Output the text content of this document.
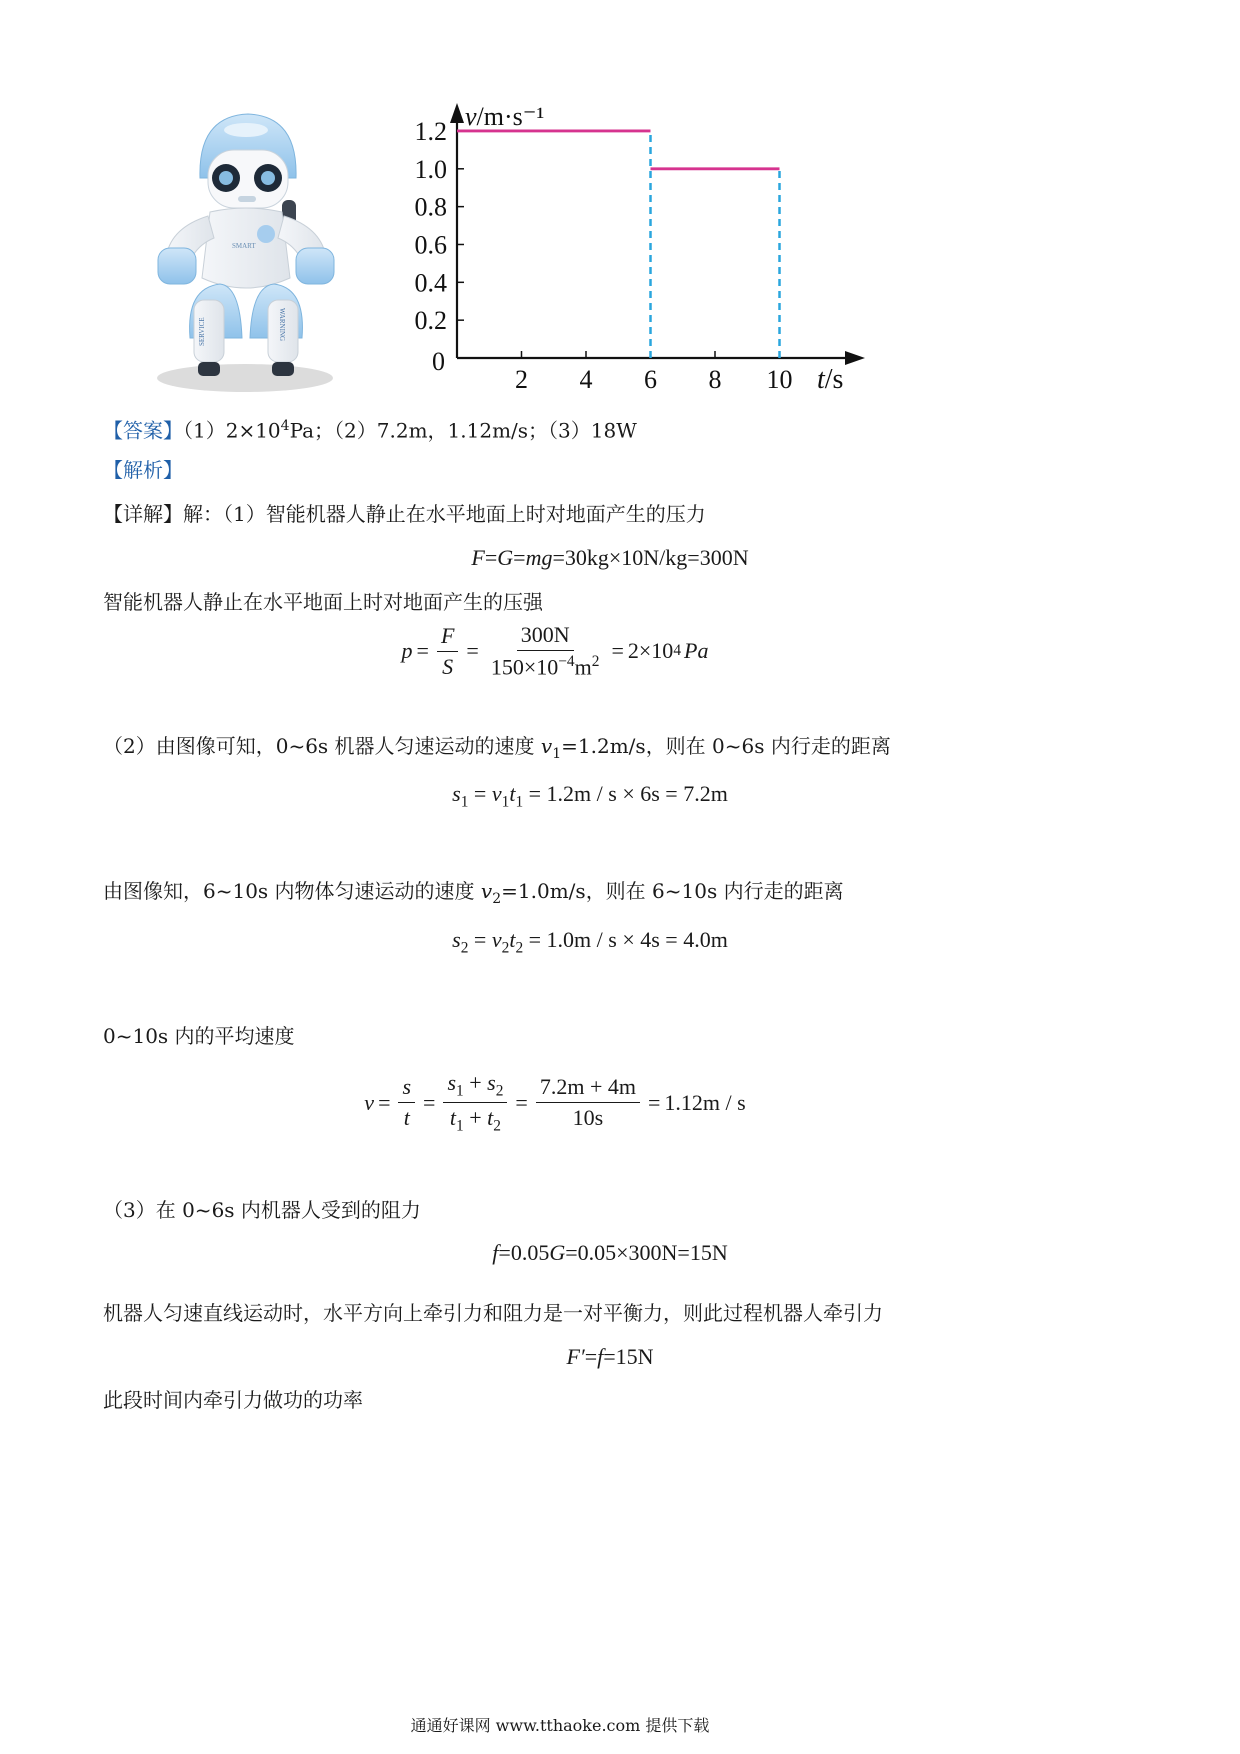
SMART
SERVICE	WARNING
2 4 6 8 10
0.2
0.4
0.6
0.8
1.0
1.2
0
v/m·s⁻¹
t/s
【答案】$(1)2\times 10^4Pa$；（2）7.2m，1.12m/s；（3）18W
【解析】
【详解】解：（1）智能机器人静止在水平地面上时对地面产生的压力
F=G=mg=30kg×10N/kg=300N
智能机器人静止在水平地面上时对地面产生的压强
$p = \frac{F}{S} = \frac{300N}{150\times 10^{-4}m^2} = 2\times 10$ 4 Pa
（2）由图像可知，0~6s 机器人匀速运动的速度 $v_1=1.2m/s$，则在 0~6s 内行走的距离
$s_1 = v_1t_1 = 1.2m / s \times 6s = 7.2m$
由图像知，6~10s 内物体匀速运动的速度 $v_2=1.0m/s$，则在 6~10s 内行走的距离
$s_2 = v_2t_2 = 1.0m / s \times 4s = 4.0m$
0~10s 内的平均速度
$v = \frac{s}{t} = \frac{s_1 + s_2}{t_1 + t_2} = \frac{7.2m + 4m}{10s} = 1.12m / s$
（3）在 0~6s 内机器人受到的阻力
f=0.05G=0.05×300N=15N
机器人匀速直线运动时，水平方向上牵引力和阻力是一对平衡力，则此过程机器人牵引力
F′=f=15N
此段时间内牵引力做功的功率
通通好课网 www.tthaoke.com 提供下载
